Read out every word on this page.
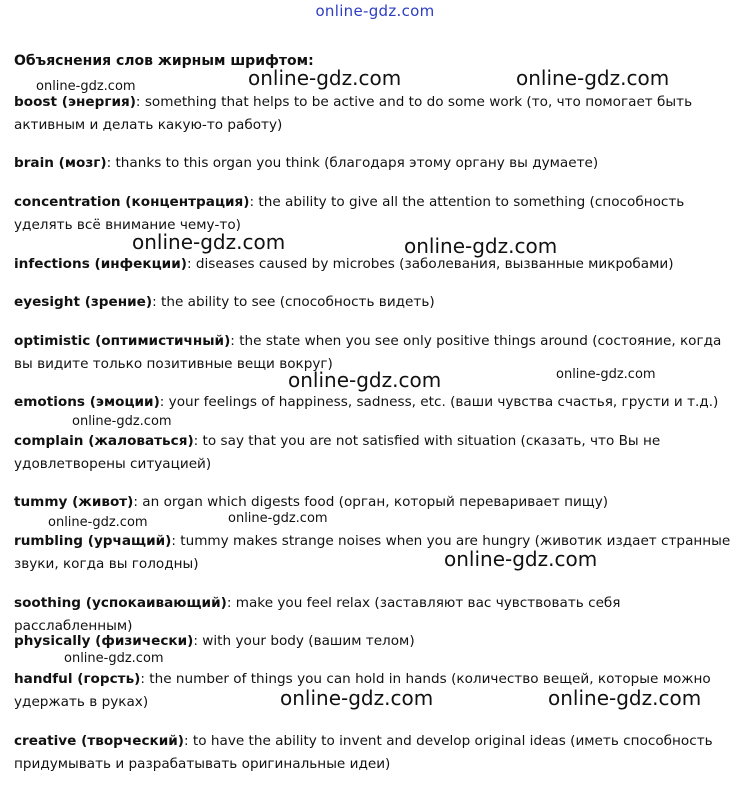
online-gdz.com
Объяснения слов жирным шрифтом:
boost (энергия): something that helps to be active and to do some work (то, что помогает быть активным и делать какую-то работу)
brain (мозг): thanks to this organ you think (благодаря этому органу вы думаете)
concentration (концентрация): the ability to give all the attention to something (способность уделять всё внимание чему-то)
infections (инфекции): diseases caused by microbes (заболевания, вызванные микробами)
eyesight (зрение): the ability to see (способность видеть)
optimistic (оптимистичный): the state when you see only positive things around (состояние, когда вы видите только позитивные вещи вокруг)
emotions (эмоции): your feelings of happiness, sadness, etc. (ваши чувства счастья, грусти и т.д.)
complain (жаловаться): to say that you are not satisfied with situation (сказать, что Вы не удовлетворены ситуацией)
tummy (живот): an organ which digests food (орган, который переваривает пищу)
rumbling (урчащий): tummy makes strange noises when you are hungry (животик издает странные звуки, когда вы голодны)
soothing (успокаивающий): make you feel relax (заставляют вас чувствовать себя расслабленным)
physically (физически): with your body (вашим телом)
handful (горсть): the number of things you can hold in hands (количество вещей, которые можно удержать в руках)
creative (творческий): to have the ability to invent and develop original ideas (иметь способность придумывать и разрабатывать оригинальные идеи)
online-gdz.com	online-gdz.com	online-gdz.com
online-gdz.com	online-gdz.com
online-gdz.com	online-gdz.com
online-gdz.com
online-gdz.com	online-gdz.com
online-gdz.com
online-gdz.com
online-gdz.com	online-gdz.com
